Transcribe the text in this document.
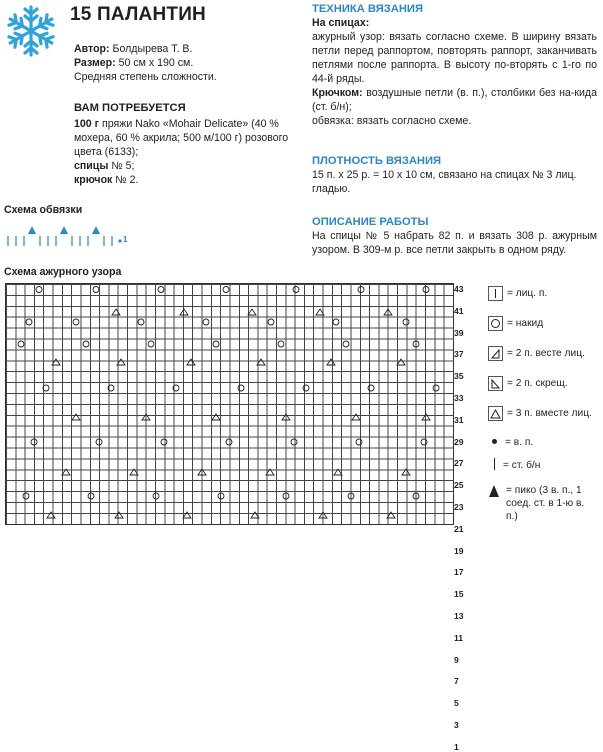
15 ПАЛАНТИН
Автор: Болдырева Т. В.
Размер: 50 см x 190 см.
Средняя степень сложности.
ВАМ ПОТРЕБУЕТСЯ
100 г пряжи Nako «Mohair Delicate» (40 % мохера, 60 % акрила; 500 м/100 г) розового цвета (6133);
спицы № 5;
крючок № 2.
ТЕХНИКА ВЯЗАНИЯ
На спицах:
ажурный узор: вязать согласно схеме. В ширину вязать петли перед раппортом, повторять раппорт, заканчивать петлями после раппорта. В высоту по-вторять с 1-го по 44-й ряды.
Крючком: воздушные петли (в. п.), столбики без на-кида (ст. б/н);
обвязка: вязать согласно схеме.
ПЛОТНОСТЬ ВЯЗАНИЯ
15 п. x 25 р. = 10 x 10 см, связано на спицах № 3 лиц. гладью.
ОПИСАНИЕ РАБОТЫ
На спицы № 5 набрать 82 п. и вязать 308 р. ажурным узором. В 309-м р. все петли закрыть в одном ряду.
Схема обвязки
1
Схема ажурного узора
43
41
39
37
35
33
31
29
27
25
23
21
19
17
15
13
11
9
7
5
3
1
= лиц. п.
= накид
= 2 п. весте лиц.
= 2 п. скрещ.
= 3 п. вместе лиц.
= в. п.
= ст. б/н
= пико (3 в. п., 1 соед. ст. в 1-ю в. п.)
